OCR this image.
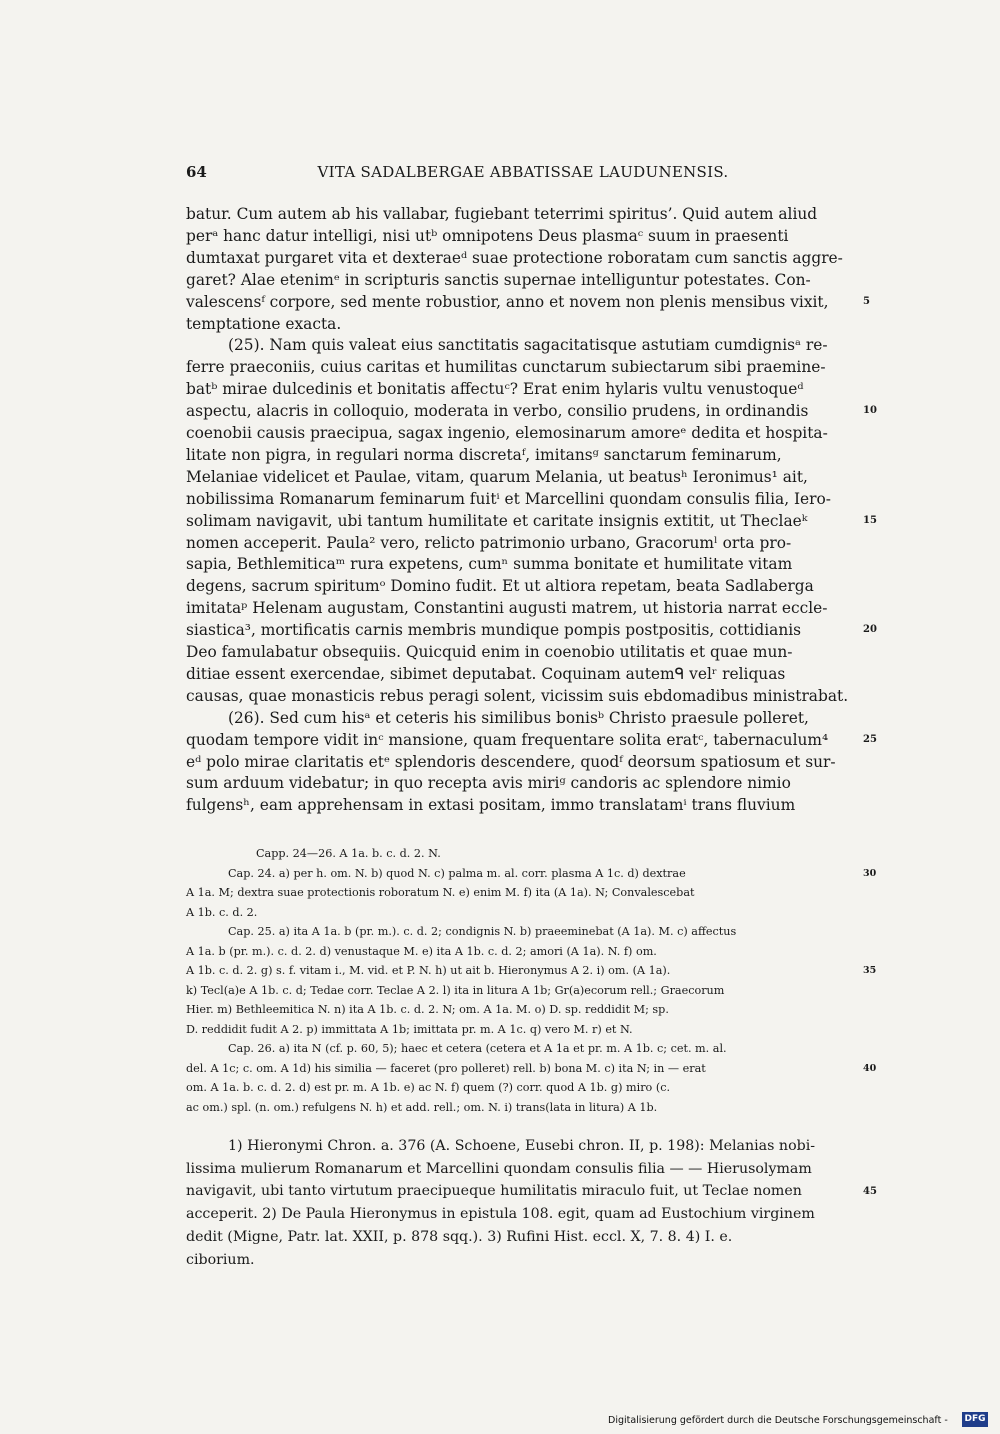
64	VITA SADALBERGAE ABBATISSAE LAUDUNENSIS.
batur. Cum autem ab his vallabar, fugiebant teterrimi spiritus’. Quid autem aliud
perᵃ hanc datur intelligi, nisi utᵇ omnipotens Deus plasmaᶜ suum in praesenti
dumtaxat purgaret vita et dexteraeᵈ suae protectione roboratam cum sanctis aggre-
garet? Alae etenimᵉ in scripturis sanctis supernae intelliguntur potestates. Con-
valescensᶠ corpore, sed mente robustior, anno et novem non plenis mensibus vixit,	5
temptatione exacta.
(25). Nam quis valeat eius sanctitatis sagacitatisque astutiam cumdignisᵃ re-
ferre praeconiis, cuius caritas et humilitas cunctarum subiectarum sibi praemine-
batᵇ mirae dulcedinis et bonitatis affectuᶜ? Erat enim hylaris vultu venustoqueᵈ
aspectu, alacris in colloquio, moderata in verbo, consilio prudens, in ordinandis	10
coenobii causis praecipua, sagax ingenio, elemosinarum amoreᵉ dedita et hospita-
litate non pigra, in regulari norma discretaᶠ, imitansᵍ sanctarum feminarum,
Melaniae videlicet et Paulae, vitam, quarum Melania, ut beatusʰ Ieronimus¹ ait,
nobilissima Romanarum feminarum fuitⁱ et Marcellini quondam consulis filia, Iero-
solimam navigavit, ubi tantum humilitate et caritate insignis extitit, ut Theclaeᵏ	15
nomen acceperit. Paula² vero, relicto patrimonio urbano, Gracorumˡ orta pro-
sapia, Bethlemiticaᵐ rura expetens, cumⁿ summa bonitate et humilitate vitam
degens, sacrum spiritumᵒ Domino fudit. Et ut altiora repetam, beata Sadlaberga
imitataᵖ Helenam augustam, Constantini augusti matrem, ut historia narrat eccle-
siastica³, mortificatis carnis membris mundique pompis postpositis, cottidianis	20
Deo famulabatur obsequiis. Quicquid enim in coenobio utilitatis et quae mun-
ditiae essent exercendae, sibimet deputabat. Coquinam autemᑫ velʳ reliquas
causas, quae monasticis rebus peragi solent, vicissim suis ebdomadibus ministrabat.
(26). Sed cum hisᵃ et ceteris his similibus bonisᵇ Christo praesule polleret,
quodam tempore vidit inᶜ mansione, quam frequentare solita eratᶜ, tabernaculum⁴	25
eᵈ polo mirae claritatis etᵉ splendoris descendere, quodᶠ deorsum spatiosum et sur-
sum arduum videbatur; in quo recepta avis miriᵍ candoris ac splendore nimio
fulgensʰ, eam apprehensam in extasi positam, immo translatamⁱ trans fluvium
Capp. 24—26. A 1a. b. c. d. 2. N.
Cap. 24. a) per h. om. N. b) quod N. c) palma m. al. corr. plasma A 1c. d) dextrae	30
A 1a. M; dextra suae protectionis roboratum N. e) enim M. f) ita (A 1a). N; Convalescebat
A 1b. c. d. 2.
Cap. 25. a) ita A 1a. b (pr. m.). c. d. 2; condignis N. b) praeeminebat (A 1a). M. c) affectus
A 1a. b (pr. m.). c. d. 2. d) venustaque M. e) ita A 1b. c. d. 2; amori (A 1a). N. f) om.
A 1b. c. d. 2. g) s. f. vitam i., M. vid. et P. N. h) ut ait b. Hieronymus A 2. i) om. (A 1a).	35
k) Tecl(a)e A 1b. c. d; Tedae corr. Teclae A 2. l) ita in litura A 1b; Gr(a)ecorum rell.; Graecorum
Hier. m) Bethleemitica N. n) ita A 1b. c. d. 2. N; om. A 1a. M. o) D. sp. reddidit M; sp.
D. reddidit fudit A 2. p) immittata A 1b; imittata pr. m. A 1c. q) vero M. r) et N.
Cap. 26. a) ita N (cf. p. 60, 5); haec et cetera (cetera et A 1a et pr. m. A 1b. c; cet. m. al.
del. A 1c; c. om. A 1d) his similia — faceret (pro polleret) rell. b) bona M. c) ita N; in — erat	40
om. A 1a. b. c. d. 2. d) est pr. m. A 1b. e) ac N. f) quem (?) corr. quod A 1b. g) miro (c.
ac om.) spl. (n. om.) refulgens N. h) et add. rell.; om. N. i) trans(lata in litura) A 1b.
1) Hieronymi Chron. a. 376 (A. Schoene, Eusebi chron. II, p. 198): Melanias nobi-
lissima mulierum Romanarum et Marcellini quondam consulis filia — — Hierusolymam
navigavit, ubi tanto virtutum praecipueque humilitatis miraculo fuit, ut Teclae nomen	45
acceperit. 2) De Paula Hieronymus in epistula 108. egit, quam ad Eustochium virginem
dedit (Migne, Patr. lat. XXII, p. 878 sqq.). 3) Rufini Hist. eccl. X, 7. 8. 4) I. e.
ciborium.
Digitalisierung gefördert durch die Deutsche Forschungsgemeinschaft - DFG
